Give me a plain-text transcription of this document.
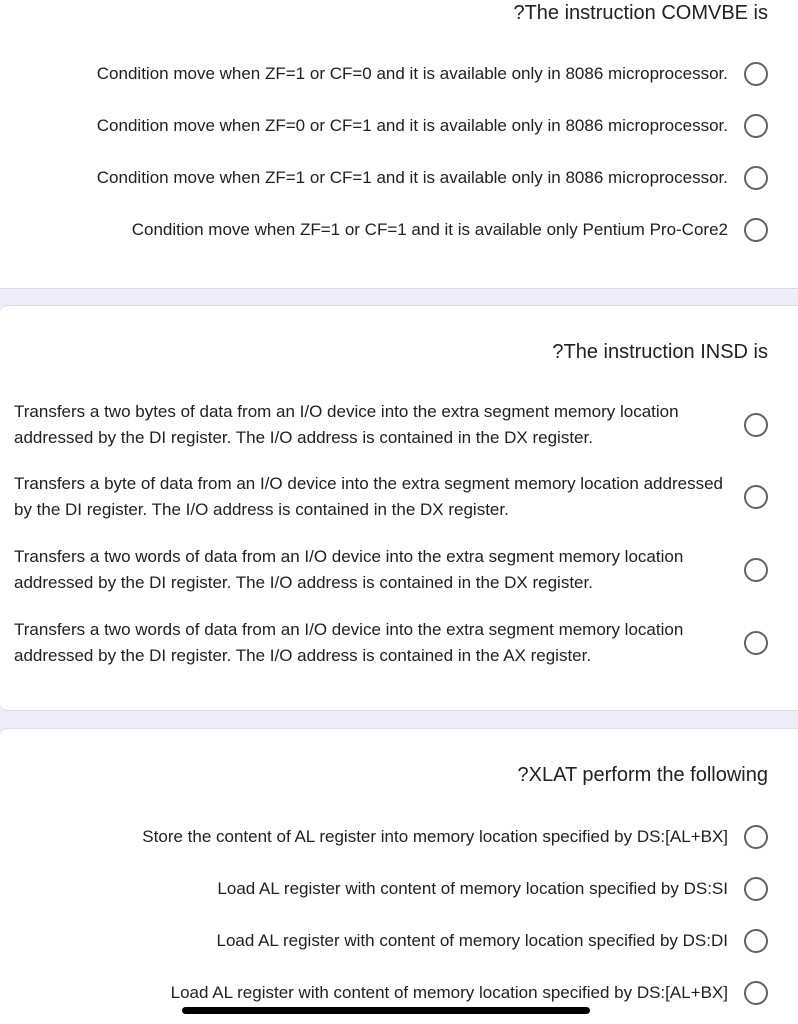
?The instruction COMVBE is
Condition move when ZF=1 or CF=0 and it is available only in 8086 microprocessor.
Condition move when ZF=0 or CF=1 and it is available only in 8086 microprocessor.
Condition move when ZF=1 or CF=1 and it is available only in 8086 microprocessor.
Condition move when ZF=1 or CF=1 and it is available only Pentium Pro-Core2
?The instruction INSD is
Transfers a two bytes of data from an I/O device into the extra segment memory location addressed by the DI register. The I/O address is contained in the DX register.
Transfers a byte of data from an I/O device into the extra segment memory location addressed by the DI register. The I/O address is contained in the DX register.
Transfers a two words of data from an I/O device into the extra segment memory location addressed by the DI register. The I/O address is contained in the DX register.
Transfers a two words of data from an I/O device into the extra segment memory location addressed by the DI register. The I/O address is contained in the AX register.
?XLAT perform the following
Store the content of AL register into memory location specified by DS:[AL+BX]
Load AL register with content of memory location specified by DS:SI
Load AL register with content of memory location specified by DS:DI
Load AL register with content of memory location specified by DS:[AL+BX]
